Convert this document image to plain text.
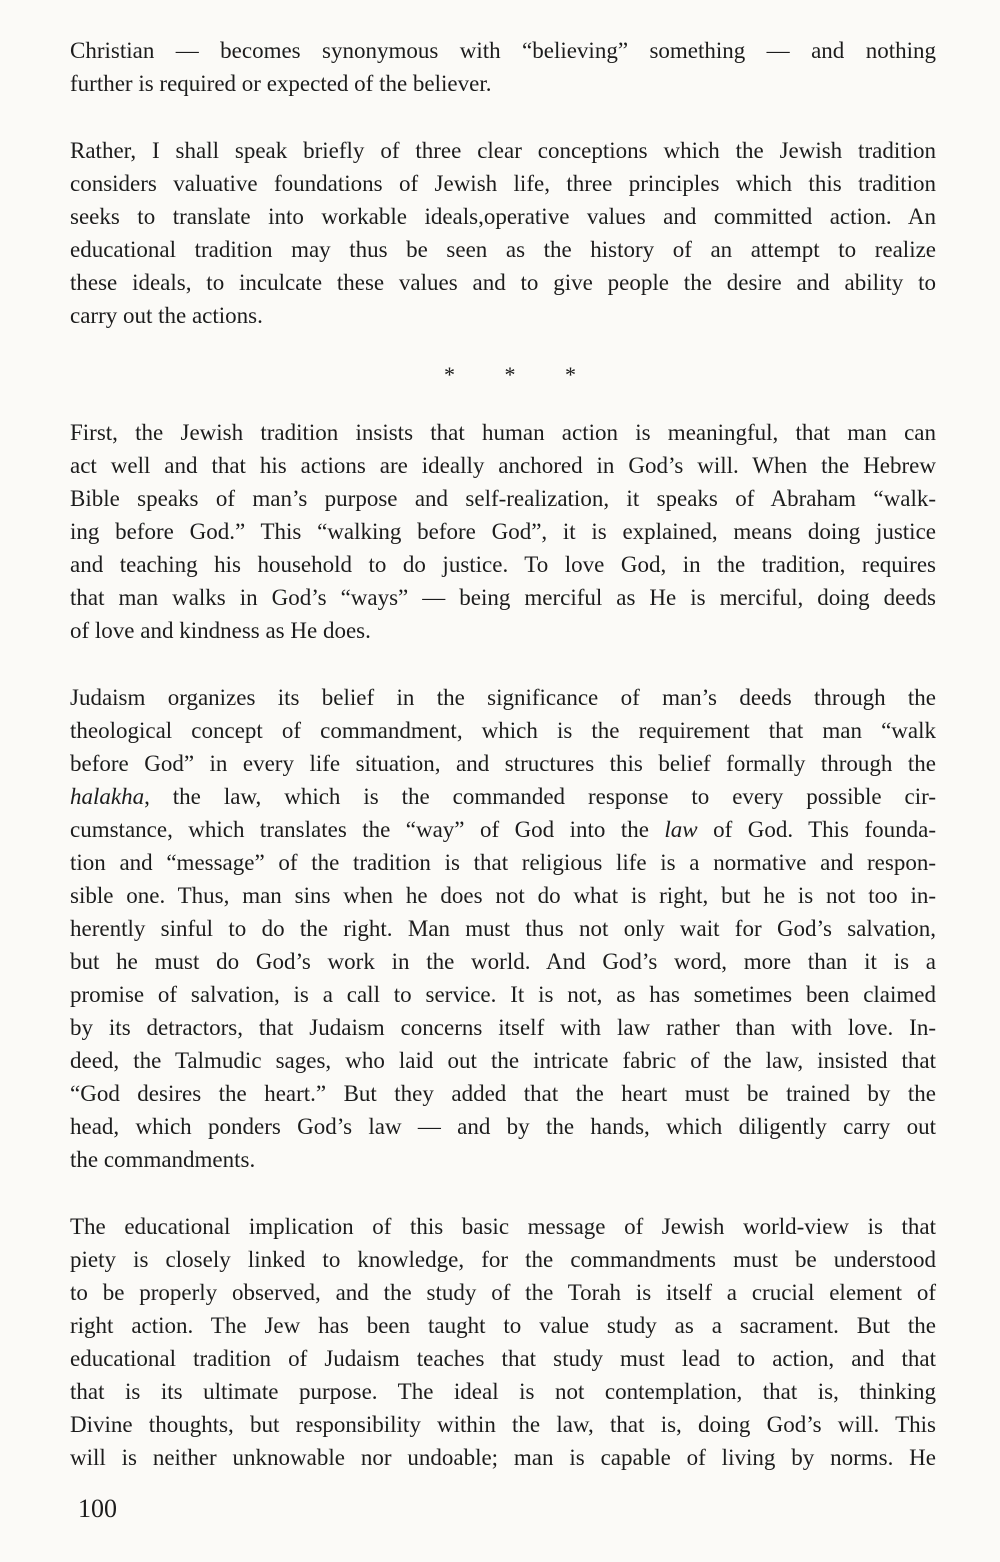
Christian — becomes synonymous with “believing” something — and nothing
further is required or expected of the believer.

Rather, I shall speak briefly of three clear conceptions which the Jewish tradition
considers valuative foundations of Jewish life, three principles which this tradition
seeks to translate into workable ideals,operative values and committed action. An
educational tradition may thus be seen as the history of an attempt to realize
these ideals, to inculcate these values and to give people the desire and ability to
carry out the actions.

* * *

First, the Jewish tradition insists that human action is meaningful, that man can
act well and that his actions are ideally anchored in God’s will. When the Hebrew
Bible speaks of man’s purpose and self-realization, it speaks of Abraham “walk-
ing before God.” This “walking before God”, it is explained, means doing justice
and teaching his household to do justice. To love God, in the tradition, requires
that man walks in God’s “ways” — being merciful as He is merciful, doing deeds
of love and kindness as He does.

Judaism organizes its belief in the significance of man’s deeds through the
theological concept of commandment, which is the requirement that man “walk
before God” in every life situation, and structures this belief formally through the
halakha, the law, which is the commanded response to every possible cir-
cumstance, which translates the “way” of God into the law of God. This founda-
tion and “message” of the tradition is that religious life is a normative and respon-
sible one. Thus, man sins when he does not do what is right, but he is not too in-
herently sinful to do the right. Man must thus not only wait for God’s salvation,
but he must do God’s work in the world. And God’s word, more than it is a
promise of salvation, is a call to service. It is not, as has sometimes been claimed
by its detractors, that Judaism concerns itself with law rather than with love. In-
deed, the Talmudic sages, who laid out the intricate fabric of the law, insisted that
“God desires the heart.” But they added that the heart must be trained by the
head, which ponders God’s law — and by the hands, which diligently carry out
the commandments.

The educational implication of this basic message of Jewish world-view is that
piety is closely linked to knowledge, for the commandments must be understood
to be properly observed, and the study of the Torah is itself a crucial element of
right action. The Jew has been taught to value study as a sacrament. But the
educational tradition of Judaism teaches that study must lead to action, and that
that is its ultimate purpose. The ideal is not contemplation, that is, thinking
Divine thoughts, but responsibility within the law, that is, doing God’s will. This
will is neither unknowable nor undoable; man is capable of living by norms. He

100
